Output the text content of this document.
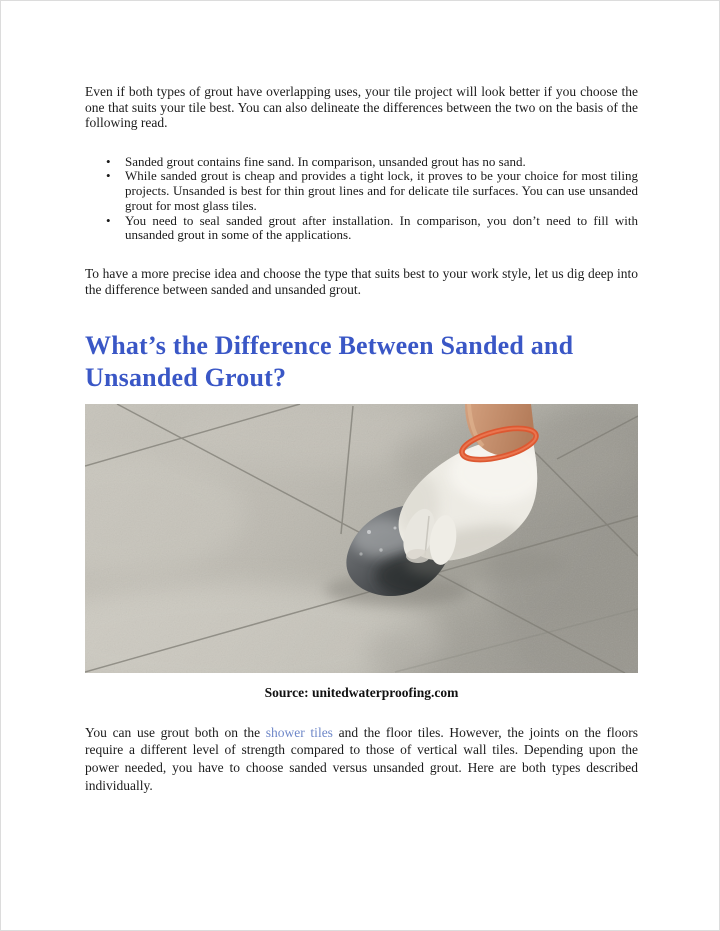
Even if both types of grout have overlapping uses, your tile project will look better if you choose the one that suits your tile best. You can also delineate the differences between the two on the basis of the following read.

•	Sanded grout contains fine sand. In comparison, unsanded grout has no sand.
•	While sanded grout is cheap and provides a tight lock, it proves to be your choice for most tiling projects. Unsanded is best for thin grout lines and for delicate tile surfaces. You can use unsanded grout for most glass tiles.
•	You need to seal sanded grout after installation. In comparison, you don’t need to fill with unsanded grout in some of the applications.

To have a more precise idea and choose the type that suits best to your work style, let us dig deep into the difference between sanded and unsanded grout.

What’s the Difference Between Sanded and Unsanded Grout?
Source: unitedwaterproofing.com

You can use grout both on the shower tiles and the floor tiles. However, the joints on the floors require a different level of strength compared to those of vertical wall tiles. Depending upon the power needed, you have to choose sanded versus unsanded grout. Here are both types described individually.
